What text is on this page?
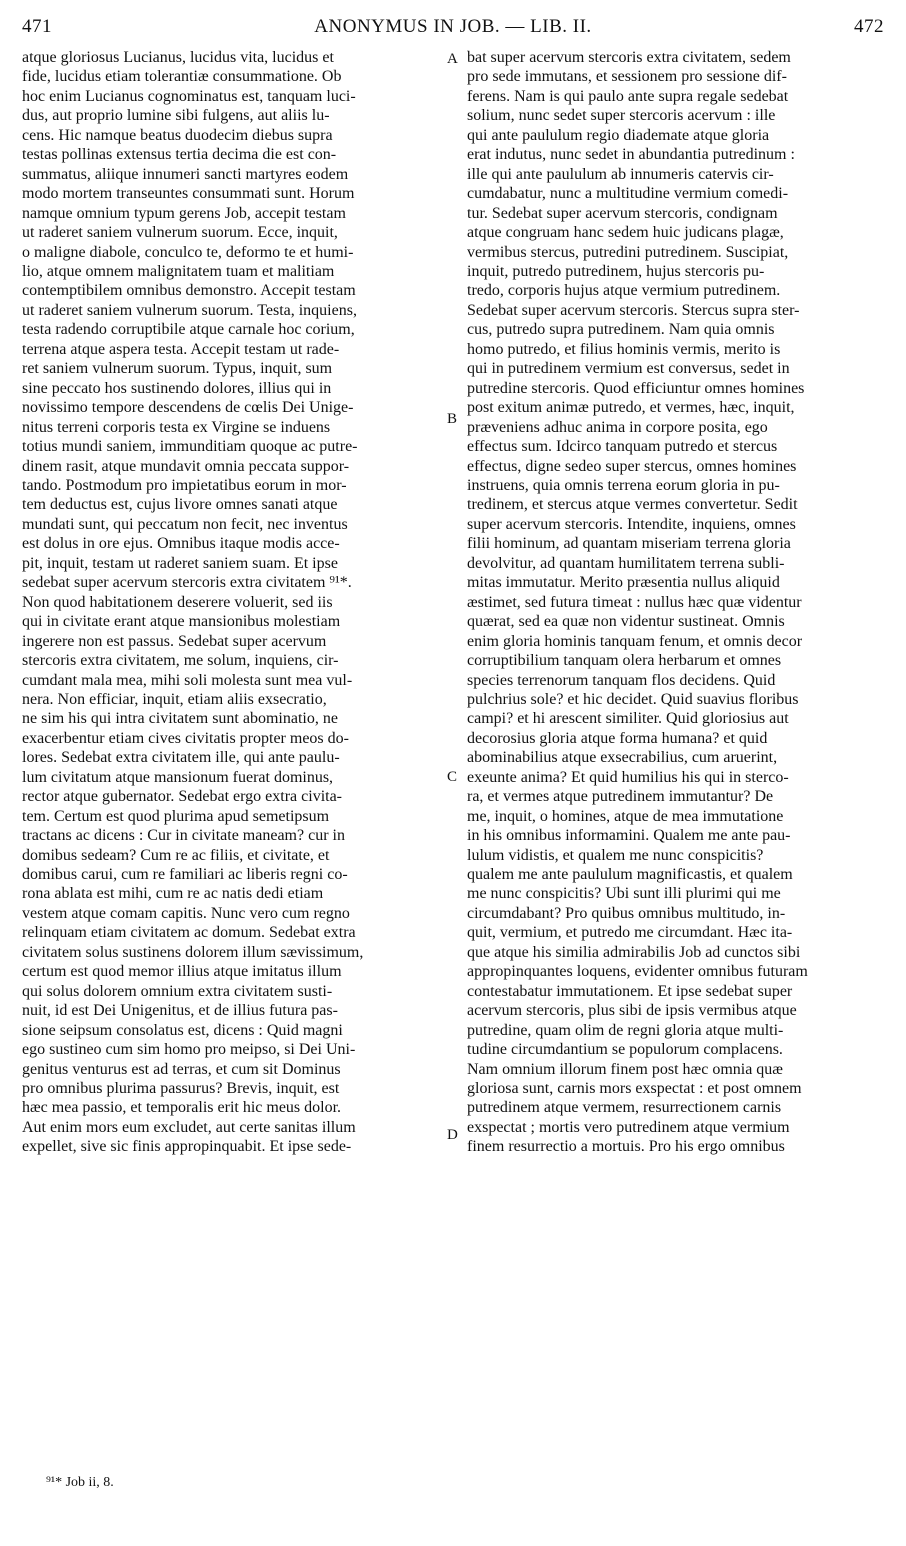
471	ANONYMUS IN JOB. — LIB. II.	472
atque gloriosus Lucianus, lucidus vita, lucidus et
fide, lucidus etiam tolerantiæ consummatione. Ob
hoc enim Lucianus cognominatus est, tanquam luci-
dus, aut proprio lumine sibi fulgens, aut aliis lu-
cens. Hic namque beatus duodecim diebus supra
testas pollinas extensus tertia decima die est con-
summatus, aliique innumeri sancti martyres eodem
modo mortem transeuntes consummati sunt. Horum
namque omnium typum gerens Job, accepit testam
ut raderet saniem vulnerum suorum. Ecce, inquit,
o maligne diabole, conculco te, deformo te et humi-
lio, atque omnem malignitatem tuam et malitiam
contemptibilem omnibus demonstro. Accepit testam
ut raderet saniem vulnerum suorum. Testa, inquiens,
testa radendo corruptibile atque carnale hoc corium,
terrena atque aspera testa. Accepit testam ut rade-
ret saniem vulnerum suorum. Typus, inquit, sum
sine peccato hos sustinendo dolores, illius qui in
novissimo tempore descendens de cœlis Dei Unige-
nitus terreni corporis testa ex Virgine se induens
totius mundi saniem, immunditiam quoque ac putre-
dinem rasit, atque mundavit omnia peccata suppor-
tando. Postmodum pro impietatibus eorum in mor-
tem deductus est, cujus livore omnes sanati atque
mundati sunt, qui peccatum non fecit, nec inventus
est dolus in ore ejus. Omnibus itaque modis acce-
pit, inquit, testam ut raderet saniem suam. Et ipse
sedebat super acervum stercoris extra civitatem ⁹¹*.
Non quod habitationem deserere voluerit, sed iis
qui in civitate erant atque mansionibus molestiam
ingerere non est passus. Sedebat super acervum
stercoris extra civitatem, me solum, inquiens, cir-
cumdant mala mea, mihi soli molesta sunt mea vul-
nera. Non efficiar, inquit, etiam aliis exsecratio,
ne sim his qui intra civitatem sunt abominatio, ne
exacerbentur etiam cives civitatis propter meos do-
lores. Sedebat extra civitatem ille, qui ante paulu-
lum civitatum atque mansionum fuerat dominus,
rector atque gubernator. Sedebat ergo extra civita-
tem. Certum est quod plurima apud semetipsum
tractans ac dicens : Cur in civitate maneam? cur in
domibus sedeam? Cum re ac filiis, et civitate, et
domibus carui, cum re familiari ac liberis regni co-
rona ablata est mihi, cum re ac natis dedi etiam
vestem atque comam capitis. Nunc vero cum regno
relinquam etiam civitatem ac domum. Sedebat extra
civitatem solus sustinens dolorem illum sævissimum,
certum est quod memor illius atque imitatus illum
qui solus dolorem omnium extra civitatem susti-
nuit, id est Dei Unigenitus, et de illius futura pas-
sione seipsum consolatus est, dicens : Quid magni
ego sustineo cum sim homo pro meipso, si Dei Uni-
genitus venturus est ad terras, et cum sit Dominus
pro omnibus plurima passurus? Brevis, inquit, est
hæc mea passio, et temporalis erit hic meus dolor.
Aut enim mors eum excludet, aut certe sanitas illum
expellet, sive sic finis appropinquabit. Et ipse sede-
bat super acervum stercoris extra civitatem, sedem
pro sede immutans, et sessionem pro sessione dif-
ferens. Nam is qui paulo ante supra regale sedebat
solium, nunc sedet super stercoris acervum : ille
qui ante paululum regio diademate atque gloria
erat indutus, nunc sedet in abundantia putredinum :
ille qui ante paululum ab innumeris catervis cir-
cumdabatur, nunc a multitudine vermium comedi-
tur. Sedebat super acervum stercoris, condignam
atque congruam hanc sedem huic judicans plagæ,
vermibus stercus, putredini putredinem. Suscipiat,
inquit, putredo putredinem, hujus stercoris pu-
tredo, corporis hujus atque vermium putredinem.
Sedebat super acervum stercoris. Stercus supra ster-
cus, putredo supra putredinem. Nam quia omnis
homo putredo, et filius hominis vermis, merito is
qui in putredinem vermium est conversus, sedet in
putredine stercoris. Quod efficiuntur omnes homines
post exitum animæ putredo, et vermes, hæc, inquit,
præveniens adhuc anima in corpore posita, ego
effectus sum. Idcirco tanquam putredo et stercus
effectus, digne sedeo super stercus, omnes homines
instruens, quia omnis terrena eorum gloria in pu-
tredinem, et stercus atque vermes convertetur. Sedit
super acervum stercoris. Intendite, inquiens, omnes
filii hominum, ad quantam miseriam terrena gloria
devolvitur, ad quantam humilitatem terrena subli-
mitas immutatur. Merito præsentia nullus aliquid
æstimet, sed futura timeat : nullus hæc quæ videntur
quærat, sed ea quæ non videntur sustineat. Omnis
enim gloria hominis tanquam fenum, et omnis decor
corruptibilium tanquam olera herbarum et omnes
species terrenorum tanquam flos decidens. Quid
pulchrius sole? et hic decidet. Quid suavius floribus
campi? et hi arescent similiter. Quid gloriosius aut
decorosius gloria atque forma humana? et quid
abominabilius atque exsecrabilius, cum aruerint,
exeunte anima? Et quid humilius his qui in sterco-
ra, et vermes atque putredinem immutantur? De
me, inquit, o homines, atque de mea immutatione
in his omnibus informamini. Qualem me ante pau-
lulum vidistis, et qualem me nunc conspicitis?
qualem me ante paululum magnificastis, et qualem
me nunc conspicitis? Ubi sunt illi plurimi qui me
circumdabant? Pro quibus omnibus multitudo, in-
quit, vermium, et putredo me circumdant. Hæc ita-
que atque his similia admirabilis Job ad cunctos sibi
appropinquantes loquens, evidenter omnibus futuram
contestabatur immutationem. Et ipse sedebat super
acervum stercoris, plus sibi de ipsis vermibus atque
putredine, quam olim de regni gloria atque multi-
tudine circumdantium se populorum complacens.
Nam omnium illorum finem post hæc omnia quæ
gloriosa sunt, carnis mors exspectat : et post omnem
putredinem atque vermem, resurrectionem carnis
exspectat ; mortis vero putredinem atque vermium
finem resurrectio a mortuis. Pro his ergo omnibus
A
B
C
D
⁹¹* Job ii, 8.
